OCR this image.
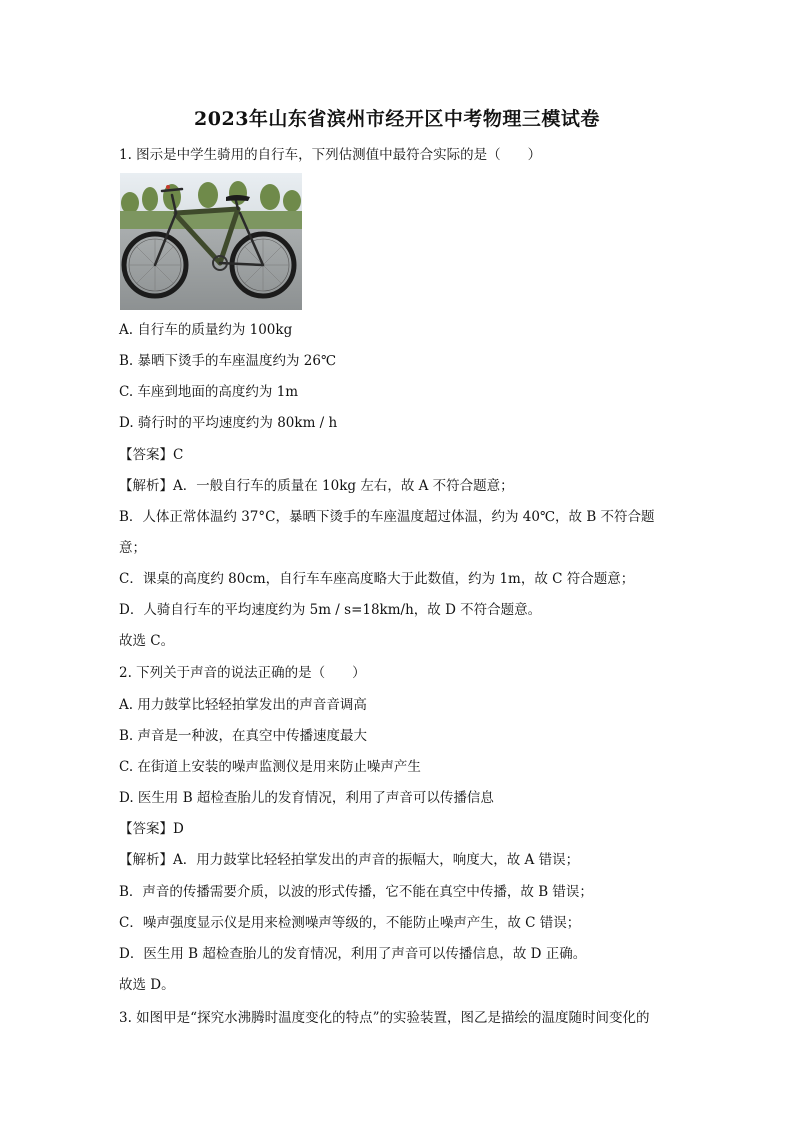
2023年山东省滨州市经开区中考物理三模试卷
1. 图示是中学生骑用的自行车，下列估测值中最符合实际的是（　　）
A. 自行车的质量约为 100kg
B. 暴晒下烫手的车座温度约为 26℃
C. 车座到地面的高度约为 1m
D. 骑行时的平均速度约为 80km / h
【答案】C
【解析】A．一般自行车的质量在 10kg 左右，故 A 不符合题意；
B．人体正常体温约 37°C，暴晒下烫手的车座温度超过体温，约为 40℃，故 B 不符合题
意；
C．课桌的高度约 80cm，自行车车座高度略大于此数值，约为 1m，故 C 符合题意；
D．人骑自行车的平均速度约为 5m / s=18km/h，故 D 不符合题意。
故选 C。
2. 下列关于声音的说法正确的是（　　）
A. 用力鼓掌比轻轻拍掌发出的声音音调高
B. 声音是一种波，在真空中传播速度最大
C. 在街道上安装的噪声监测仪是用来防止噪声产生
D. 医生用 B 超检查胎儿的发育情况，利用了声音可以传播信息
【答案】D
【解析】A．用力鼓掌比轻轻拍掌发出的声音的振幅大，响度大，故 A 错误；
B．声音的传播需要介质，以波的形式传播，它不能在真空中传播，故 B 错误；
C．噪声强度显示仪是用来检测噪声等级的，不能防止噪声产生，故 C 错误；
D．医生用 B 超检查胎儿的发育情况，利用了声音可以传播信息，故 D 正确。
故选 D。
3. 如图甲是“探究水沸腾时温度变化的特点”的实验装置，图乙是描绘的温度随时间变化的
